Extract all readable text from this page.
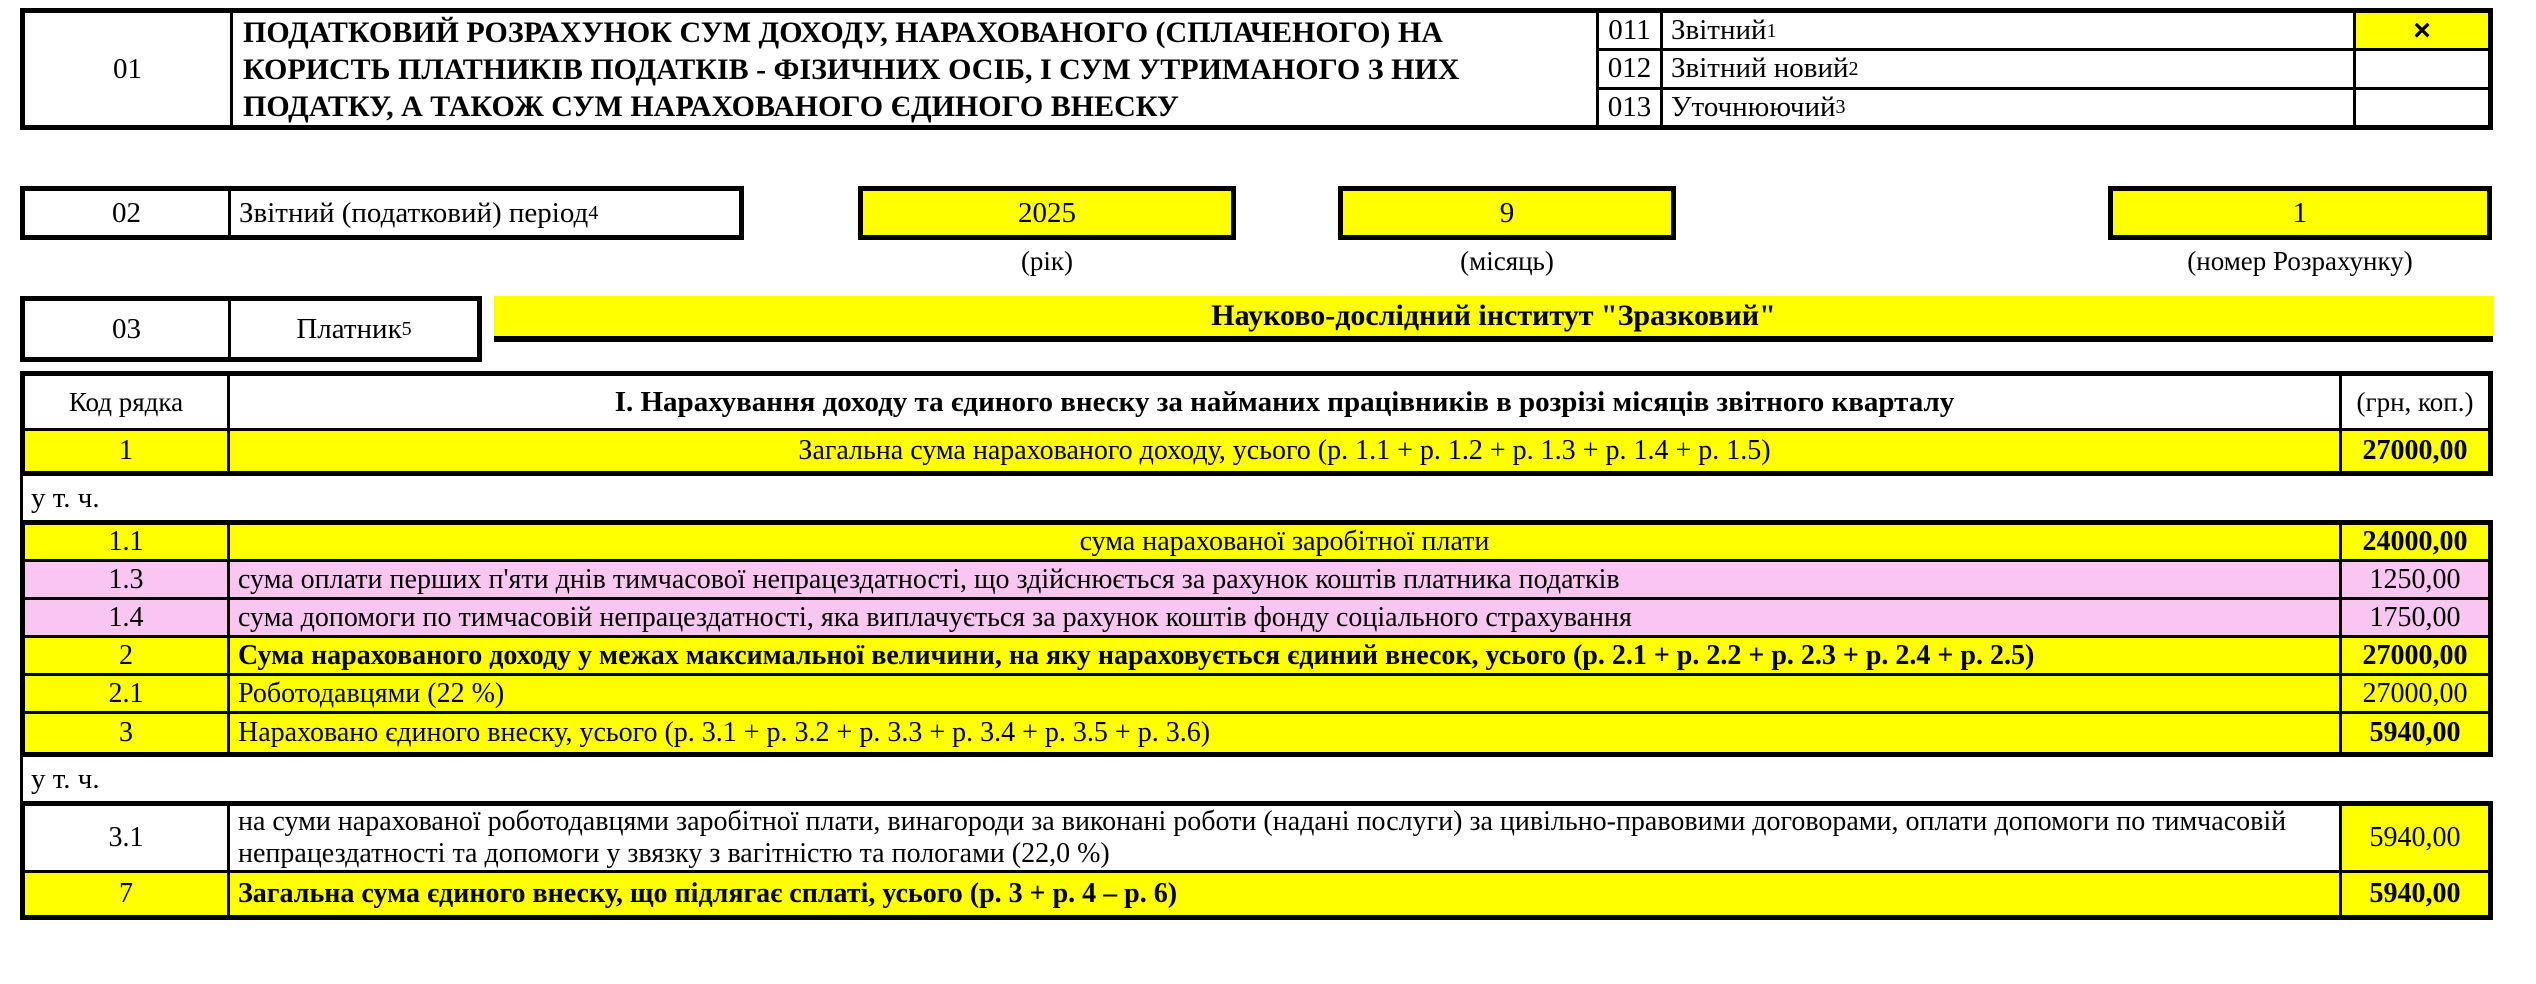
01
ПОДАТКОВИЙ РОЗРАХУНОК СУМ ДОХОДУ, НАРАХОВАНОГО (СПЛАЧЕНОГО) НА КОРИСТЬ ПЛАТНИКІВ ПОДАТКІВ - ФІЗИЧНИХ ОСІБ, І СУМ УТРИМАНОГО З НИХ ПОДАТКУ, А ТАКОЖ СУМ НАРАХОВАНОГО ЄДИНОГО ВНЕСКУ
011 Звітний 1	×
012 Звітний новий 2
013 Уточнюючий 3
02	Звітний (податковий) період 4	2025
(рік)
9
(місяць)
1
(номер Розрахунку)
03	Платник 5	Науково-дослідний інститут "Зразковий"
Код рядка	І. Нарахування доходу та єдиного внеску за найманих працівників в розрізі місяців звітного кварталу	(грн, коп.)
1	Загальна сума нарахованого доходу, усього (р. 1.1 + р. 1.2 + р. 1.3 + р. 1.4 + р. 1.5)	27000,00
у т. ч.
1.1	сума нарахованої заробітної плати	24000,00
1.3	сума оплати перших п'яти днів тимчасової непрацездатності, що здійснюється за рахунок коштів платника податків	1250,00
1.4	сума допомоги по тимчасовій непрацездатності, яка виплачується за рахунок коштів фонду соціального страхування	1750,00
2	Сума нарахованого доходу у межах максимальної величини, на яку нараховується єдиний внесок, усього (р. 2.1 + р. 2.2 + р. 2.3 + р. 2.4 + р. 2.5)	27000,00
2.1	Роботодавцями (22 %)	27000,00
3	Нараховано єдиного внеску, усього (р. 3.1 + р. 3.2 + р. 3.3 + р. 3.4 + р. 3.5 + р. 3.6)	5940,00
у т. ч.
3.1	на суми нарахованої роботодавцями заробітної плати, винагороди за виконані роботи (надані послуги) за цивільно-правовими договорами, оплати допомоги по тимчасовій непрацездатності та допомоги у звязку з вагітністю та пологами (22,0 %)	5940,00
7	Загальна сума єдиного внеску, що підлягає сплаті, усього (р. 3 + р. 4 – р. 6)	5940,00
